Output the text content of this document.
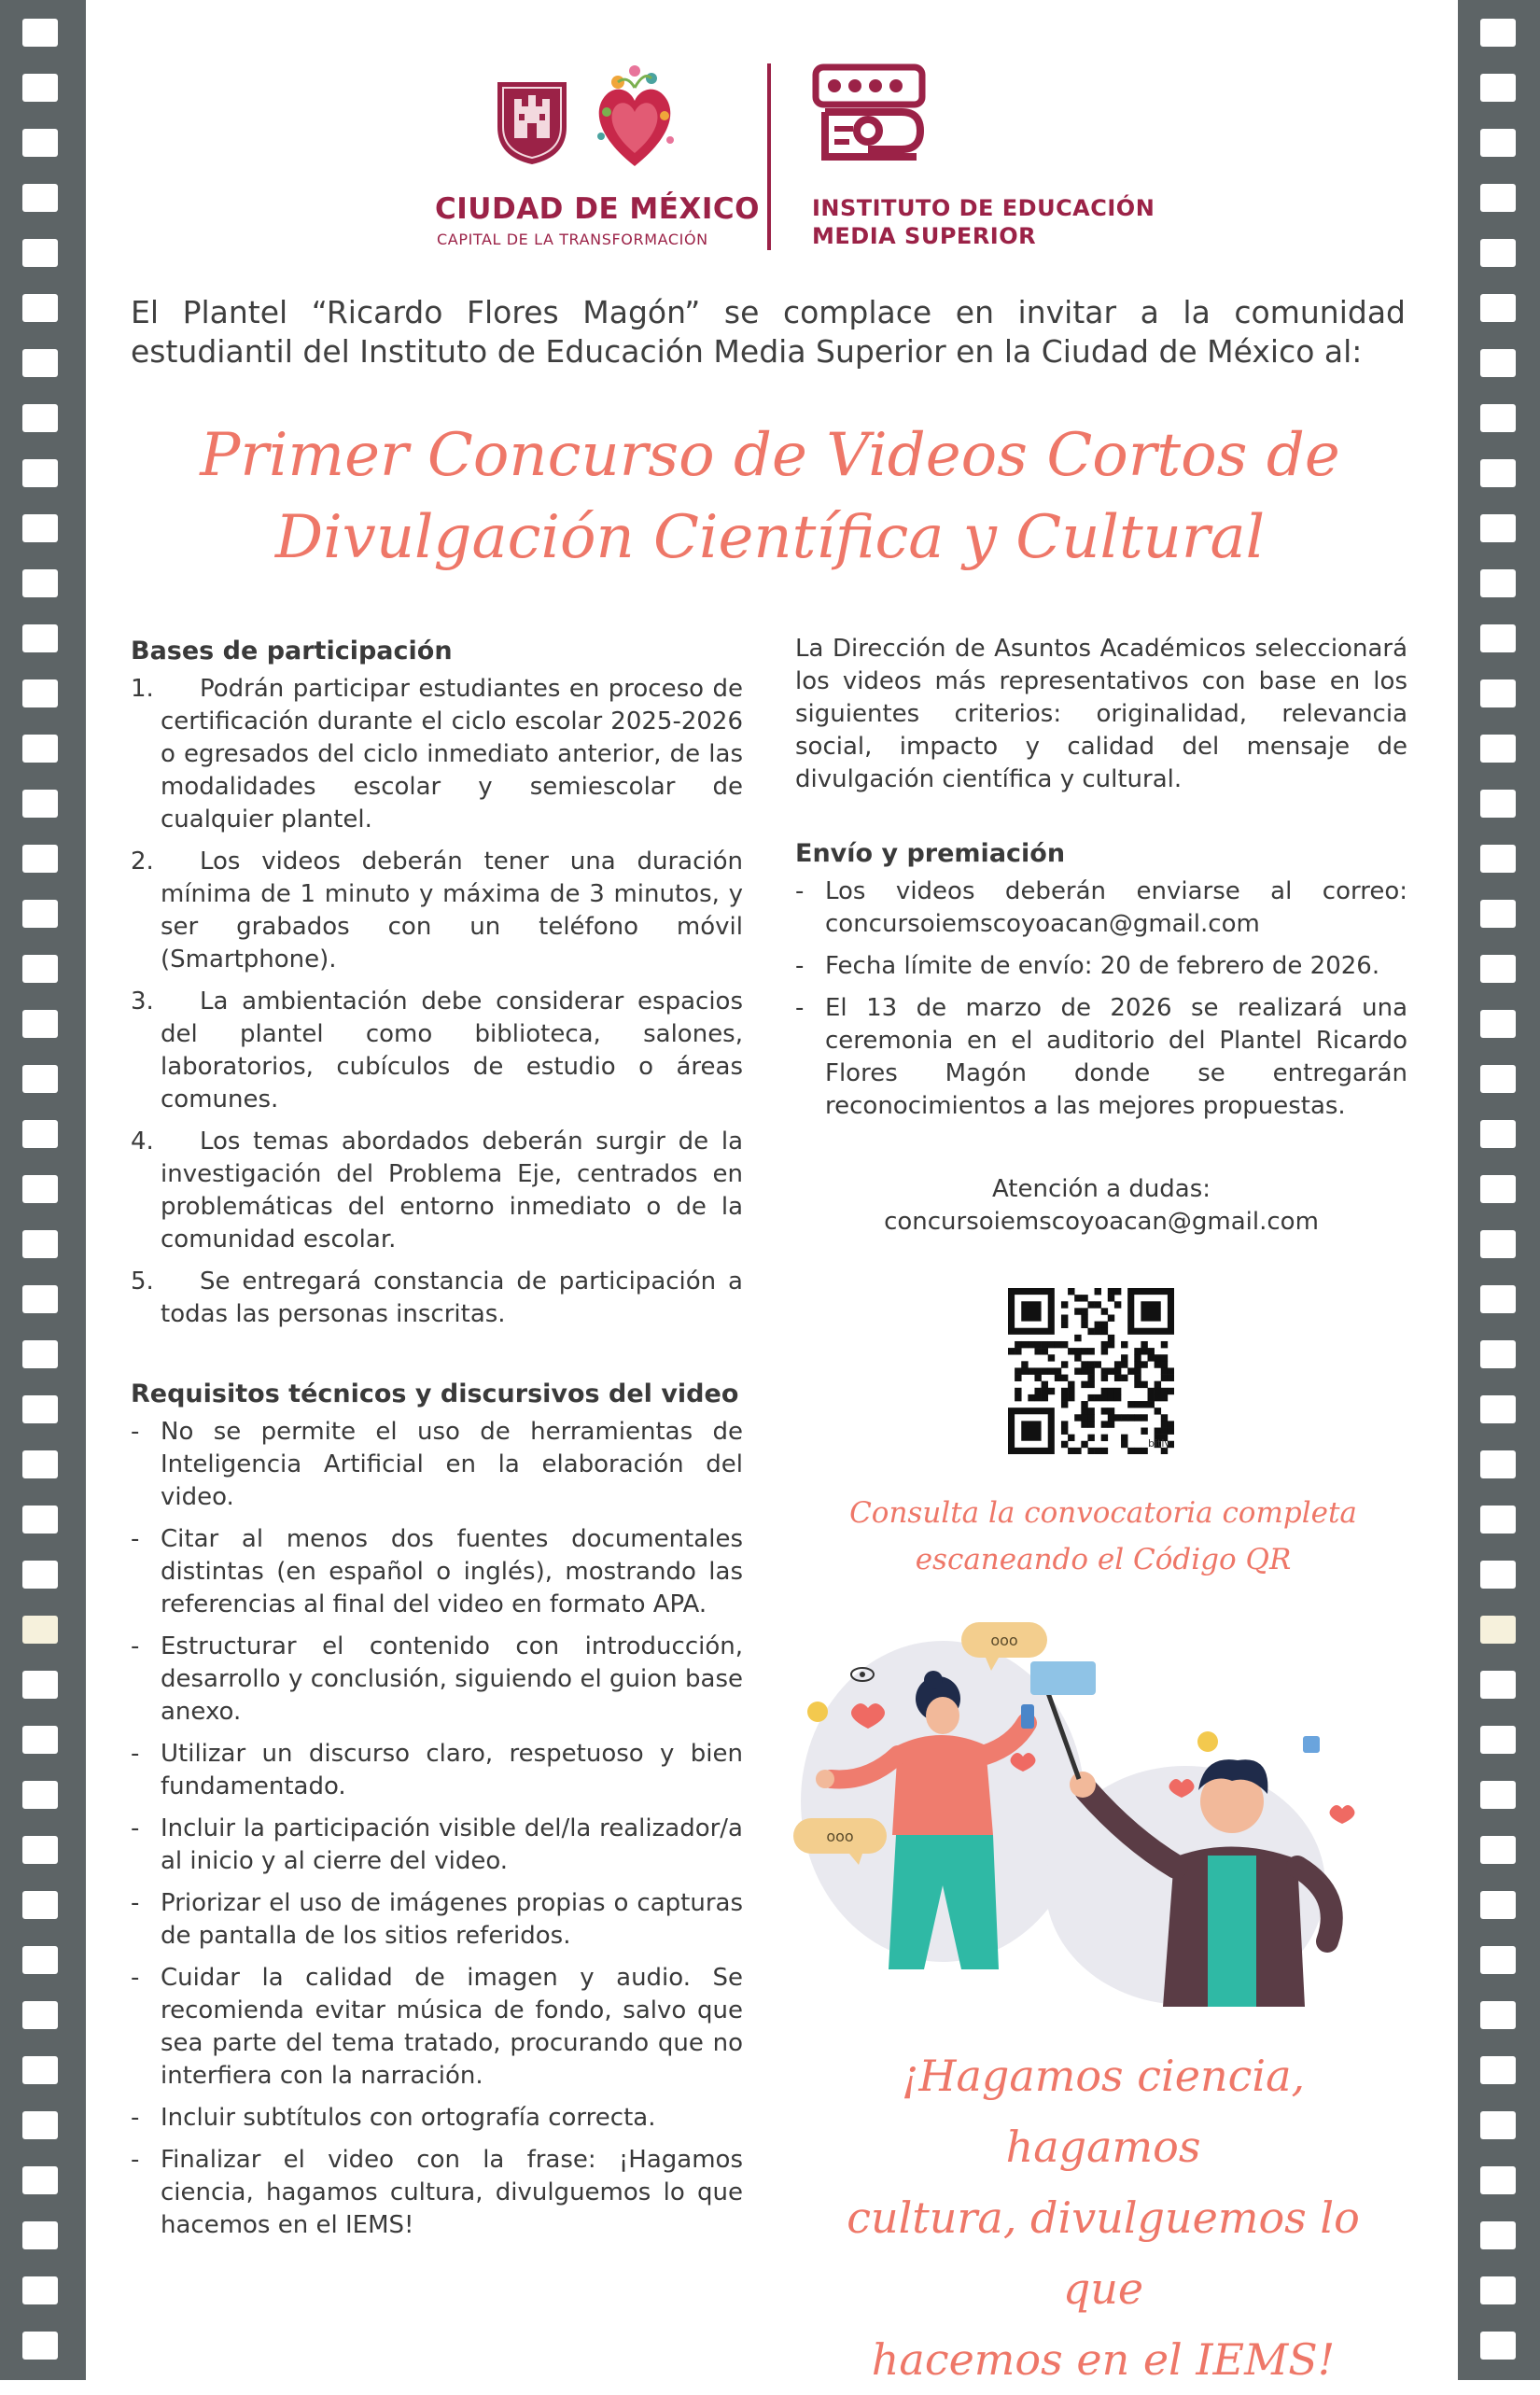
CIUDAD DE MÉXICO
CAPITAL DE LA TRANSFORMACIÓN
INSTITUTO DE EDUCACIÓN
MEDIA SUPERIOR
El Plantel “Ricardo Flores Magón” se complace en invitar a la comunidad
estudiantil del Instituto de Educación Media Superior en la Ciudad de México al:
Primer Concurso de Videos Cortos de
Divulgación Científica y Cultural
Bases de participación
1.	Podrán participar estudiantes en proceso de certificación durante el ciclo escolar 2025-2026 o egresados del ciclo inmediato anterior, de las modalidades escolar y semiescolar de cualquier plantel.
2.	Los videos deberán tener una duración mínima de 1 minuto y máxima de 3 minutos, y ser grabados con un teléfono móvil (Smartphone).
3.	La ambientación debe considerar espacios del plantel como biblioteca, salones, laboratorios, cubículos de estudio o áreas comunes.
4.	Los temas abordados deberán surgir de la investigación del Problema Eje, centrados en problemáticas del entorno inmediato o de la comunidad escolar.
5.	Se entregará constancia de participación a todas las personas inscritas.
Requisitos técnicos y discursivos del video
- No se permite el uso de herramientas de Inteligencia Artificial en la elaboración del video.
- Citar al menos dos fuentes documentales distintas (en español o inglés), mostrando las referencias al final del video en formato APA.
- Estructurar el contenido con introducción, desarrollo y conclusión, siguiendo el guion base anexo.
- Utilizar un discurso claro, respetuoso y bien fundamentado.
- Incluir la participación visible del/la realizador/a al inicio y al cierre del video.
- Priorizar el uso de imágenes propias o capturas de pantalla de los sitios referidos.
- Cuidar la calidad de imagen y audio. Se recomienda evitar música de fondo, salvo que sea parte del tema tratado, procurando que no interfiera con la narración.
- Incluir subtítulos con ortografía correcta.
- Finalizar el video con la frase: ¡Hagamos ciencia, hagamos cultura, divulguemos lo que hacemos en el IEMS!
La Dirección de Asuntos Académicos seleccionará los videos más representativos con base en los siguientes criterios: originalidad, relevancia social, impacto y calidad del mensaje de divulgación científica y cultural.
Envío y premiación
- Los videos deberán enviarse al correo: concursoiemscoyoacan@gmail.com
- Fecha límite de envío: 20 de febrero de 2026.
- El 13 de marzo de 2026 se realizará una ceremonia en el auditorio del Plantel Ricardo Flores Magón donde se entregarán reconocimientos a las mejores propuestas.
Atención a dudas:
concursoiemscoyoacan@gmail.com
bitly
Consulta la convocatoria completa
escaneando el Código QR
ooo
ooo
¡Hagamos ciencia, hagamos
cultura, divulguemos lo que
hacemos en el IEMS!
